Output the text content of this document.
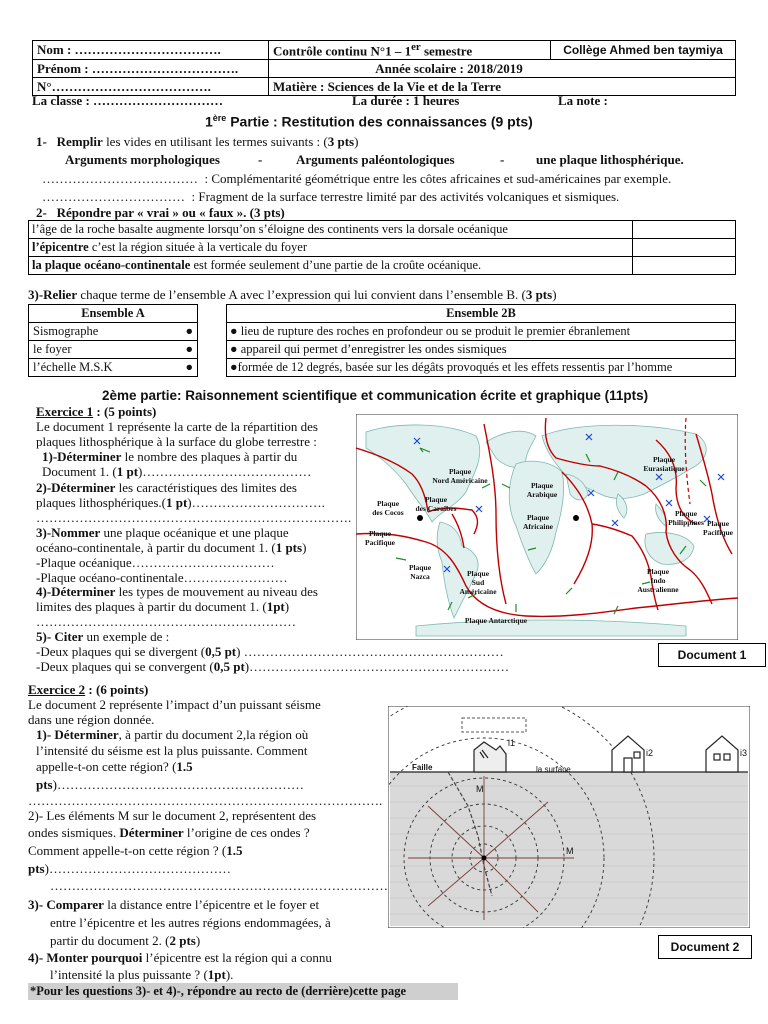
Nom : …………………………….	Contrôle continu N°1 – 1er semestre	Collège Ahmed ben taymiya
Prénom : …………………………….	Année scolaire : 2018/2019	
N°……………………………….	Matière : Sciences de la Vie et de la Terre	
La classe : …………………………	La durée : 1 heures	La note :
1ère Partie : Restitution des connaissances (9 pts)
1- Remplir les vides en utilisant les termes suivants : (3 pts)
Arguments morphologiques	-	Arguments paléontologiques	- une plaque lithosphérique.
……………………………… : Complémentarité géométrique entre les côtes africaines et sud-américaines par exemple.
…………………………… : Fragment de la surface terrestre limité par des activités volcaniques et sismiques.
2- Répondre par « vrai » ou « faux ». (3 pts)
l’âge de la roche basalte augmente lorsqu’on s’éloigne des continents vers la dorsale océanique	
l’épicentre c’est la région située à la verticale du foyer	
la plaque océano-continentale est formée seulement d’une partie de la croûte océanique.	
3)-Relier chaque terme de l’ensemble A avec l’expression qui lui convient dans l’ensemble B. (3 pts)
Ensemble A
Sismographe	●

le foyer	●

l’échelle M.S.K	●
Ensemble 2B
● lieu de rupture des roches en profondeur ou se produit le premier ébranlement
● appareil qui permet d’enregistrer les ondes sismiques
●formée de 12 degrés, basée sur les dégâts provoqués et les effets ressentis par l’homme
2ème partie: Raisonnement scientifique et communication écrite et graphique (11pts)
Exercice 1 : (5 points)
Le document 1 représente la carte de la répartition des
plaques lithosphérique à la surface du globe terrestre :
1)-Déterminer le nombre des plaques à partir du
Document 1. (1 pt)…………………………………
2)-Déterminer les caractéristiques des limites des
plaques lithosphériques.(1 pt)………………………….
……………………………………………………………….
3)-Nommer une plaque océanique et une plaque
océano-continentale, à partir du document 1. (1 pts)
-Plaque océanique……………………………
-Plaque océano-continentale……………………
4)-Déterminer les types de mouvement au niveau des
limites des plaques à partir du document 1. (1pt)
……………………………………………………
5)- Citer un exemple de :
-Deux plaques qui se divergent (0,5 pt) ……………………………………………………
-Deux plaques qui se convergent (0,5 pt)……………………………………………………
Plaque
Nord Américaine
Plaque
Eurasiatique
Plaque
des Caraïbes
Plaque
des Cocos
Plaque
Arabique
Plaque
Pacifique
Plaque
Africaine
Plaque
Philippines Plaque
Pacifique
Plaque
Nazca	Plaque
Sud
Américaine
Plaque
Indo
Australienne
Plaque Antarctique
Document 1
Exercice 2 : (6 points)
Le document 2 représente l’impact d’un puissant séisme
dans une région donnée.
1)- Déterminer, à partir du document 2,la région où
l’intensité du séisme est la plus puissante. Comment
appelle-t-on cette région? (1.5
pts)…………………………………………………
……………………………………………………………………….
2)- Les éléments M sur le document 2, représentent des
ondes sismiques. Déterminer l’origine de ces ondes ?
Comment appelle-t-on cette région ? (1.5
pts)……………………………………
……………………………………………………………………
3)- Comparer la distance entre l’épicentre et le foyer et
entre l’épicentre et les autres régions endommagées, à
partir du document 2. (2 pts)
4)- Monter pourquoi l’épicentre est la région qui a connu
l’intensité la plus puissante ? (1pt).
*Pour les questions 3)- et 4)-, répondre au recto de (derrière)cette page
Faille	la surface
M
M
i1
i2	i3
Document 2
